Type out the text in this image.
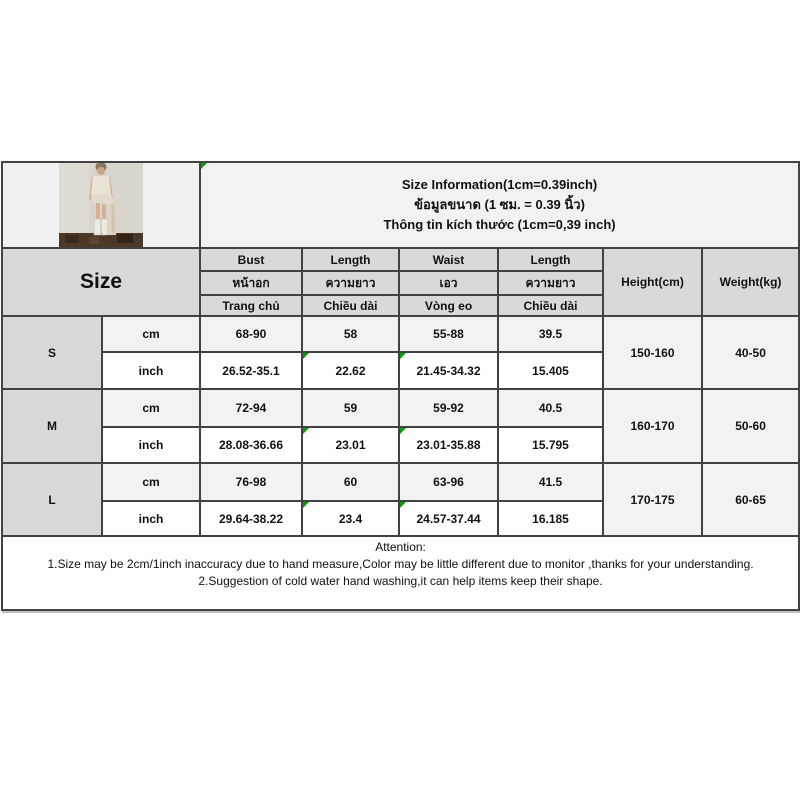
Size Information(1cm=0.39inch)
ข้อมูลขนาด (1 ซม. = 0.39 นิ้ว)
Thông tin kích thước (1cm=0,39 inch)					

Size		Bust	Length	Waist	Length	Height(cm)	Weight(kg)
		หน้าอก	ความยาว	เอว	ความยาว		
		Trang chủ	Chiều dài	Vòng eo	Chiều dài		
S	cm	68-90	58	55-88	39.5	150-160	40-50
	inch	26.52-35.1	22.62	21.45-34.32	15.405		
M	cm	72-94	59	59-92	40.5	160-170	50-60
	inch	28.08-36.66	23.01	23.01-35.88	15.795		
L	cm	76-98	60	63-96	41.5	170-175	60-65
	inch	29.64-38.22	23.4	24.57-37.44	16.185		

Attention:
1.Size may be 2cm/1inch inaccuracy due to hand measure,Color may be little different due to monitor ,thanks for your understanding.
2.Suggestion of cold water hand washing,it can help items keep their shape.							
